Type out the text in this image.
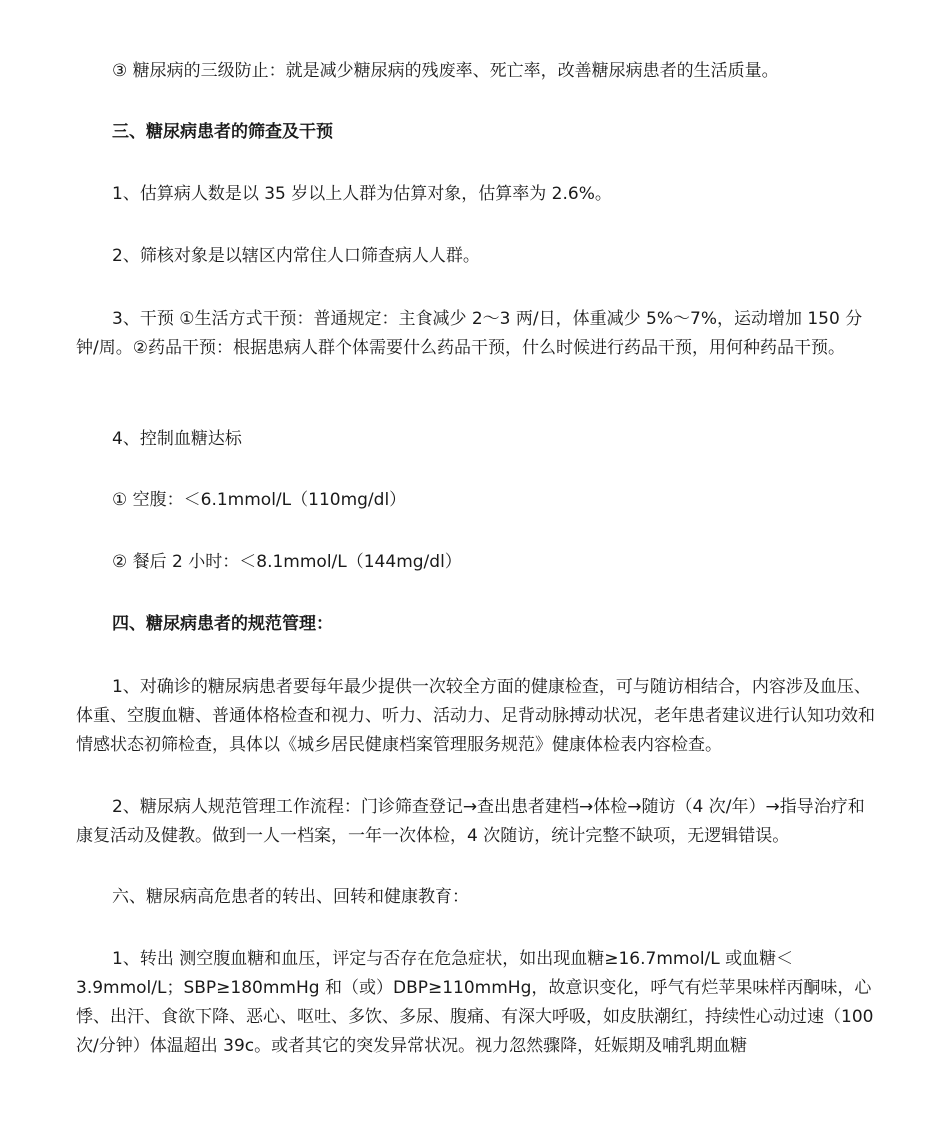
③ 糖尿病的三级防止：就是减少糖尿病的残废率、死亡率，改善糖尿病患者的生活质量。

三、糖尿病患者的筛查及干预

1、估算病人数是以 35 岁以上人群为估算对象，估算率为 2.6%。

2、筛核对象是以辖区内常住人口筛查病人人群。

3、干预 ①生活方式干预：普通规定：主食减少 2～3 两/日，体重减少 5%～7%，运动增加 150 分钟/周。②药品干预：根据患病人群个体需要什么药品干预，什么时候进行药品干预，用何种药品干预。

4、控制血糖达标

① 空腹：＜6.1mmol/L（110mg/dl）

② 餐后 2 小时：＜8.1mmol/L（144mg/dl）

四、糖尿病患者的规范管理：

1、对确诊的糖尿病患者要每年最少提供一次较全方面的健康检查，可与随访相结合，内容涉及血压、体重、空腹血糖、普通体格检查和视力、听力、活动力、足背动脉搏动状况，老年患者建议进行认知功效和情感状态初筛检查，具体以《城乡居民健康档案管理服务规范》健康体检表内容检查。

2、糖尿病人规范管理工作流程：门诊筛查登记→查出患者建档→体检→随访（4 次/年）→指导治疗和康复活动及健教。做到一人一档案，一年一次体检，4 次随访，统计完整不缺项，无逻辑错误。

六、糖尿病高危患者的转出、回转和健康教育：

1、转出 测空腹血糖和血压，评定与否存在危急症状，如出现血糖≥16.7mmol/L 或血糖＜3.9mmol/L；SBP≥180mmHg 和（或）DBP≥110mmHg，故意识变化，呼气有烂苹果味样丙酮味，心悸、出汗、食欲下降、恶心、呕吐、多饮、多尿、腹痛、有深大呼吸，如皮肤潮红，持续性心动过速（100 次/分钟）体温超出 39c。或者其它的突发异常状况。视力忽然骤降，妊娠期及哺乳期血糖
